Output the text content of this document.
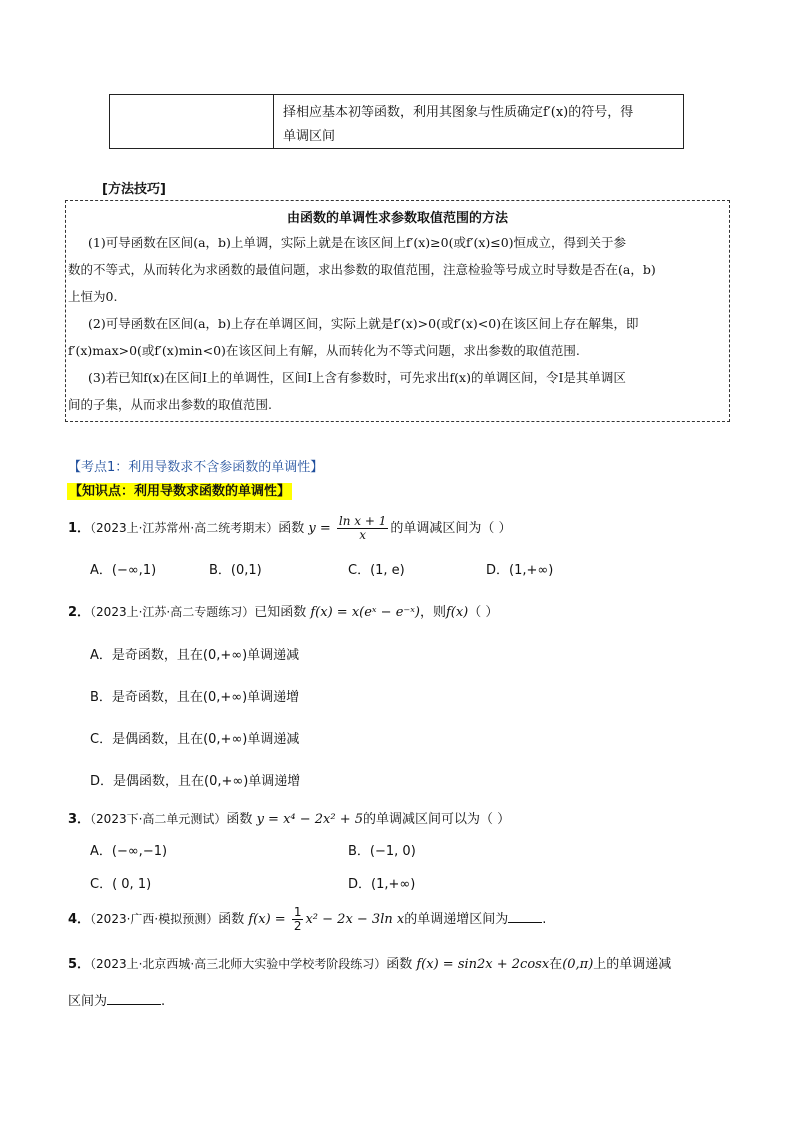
择相应基本初等函数，利用其图象与性质确定f′(x)的符号，得
单调区间
[方法技巧]
由函数的单调性求参数取值范围的方法
(1)可导函数在区间(a，b)上单调，实际上就是在该区间上f′(x)≥0(或f′(x)≤0)恒成立，得到关于参
数的不等式，从而转化为求函数的最值问题，求出参数的取值范围，注意检验等号成立时导数是否在(a，b)
上恒为0.
(2)可导函数在区间(a，b)上存在单调区间，实际上就是f′(x)>0(或f′(x)<0)在该区间上存在解集，即
f′(x)max>0(或f′(x)min<0)在该区间上有解，从而转化为不等式问题，求出参数的取值范围.
(3)若已知f(x)在区间I上的单调性，区间I上含有参数时，可先求出f(x)的单调区间，令I是其单调区
间的子集，从而求出参数的取值范围.
【考点1：利用导数求不含参函数的单调性】
【知识点：利用导数求函数的单调性】
1．（2023上·江苏常州·高二统考期末）函数 $y = \frac{\text{ln x + 1}}{x}$ 的单调减区间为（ ）
A．(−∞,1)	B．(0,1)	C．(1, e)	D．(1,+∞)
2．（2023上·江苏·高二专题练习）已知函数 f(x) = x(eˣ − e⁻ˣ)，则f(x)（ ）
A．是奇函数，且在(0,+∞)单调递减
B．是奇函数，且在(0,+∞)单调递增
C．是偶函数，且在(0,+∞)单调递减
D．是偶函数，且在(0,+∞)单调递增
3．（2023下·高二单元测试）函数 y = x⁴ − 2x² + 5的单调减区间可以为（ ）
A．(−∞,−1)	B．(−1, 0)
C．( 0, 1)	D．(1,+∞)
4．（2023·广西·模拟预测）函数 $f(x) = \frac{1}{2} x^2 - 2x - 3\ln$ x的单调递增区间为	.
5．（2023上·北京西城·高三北师大实验中学校考阶段练习）函数 f(x) = sin2x + 2cosx在(0,π)上的单调递减
区间为	.
